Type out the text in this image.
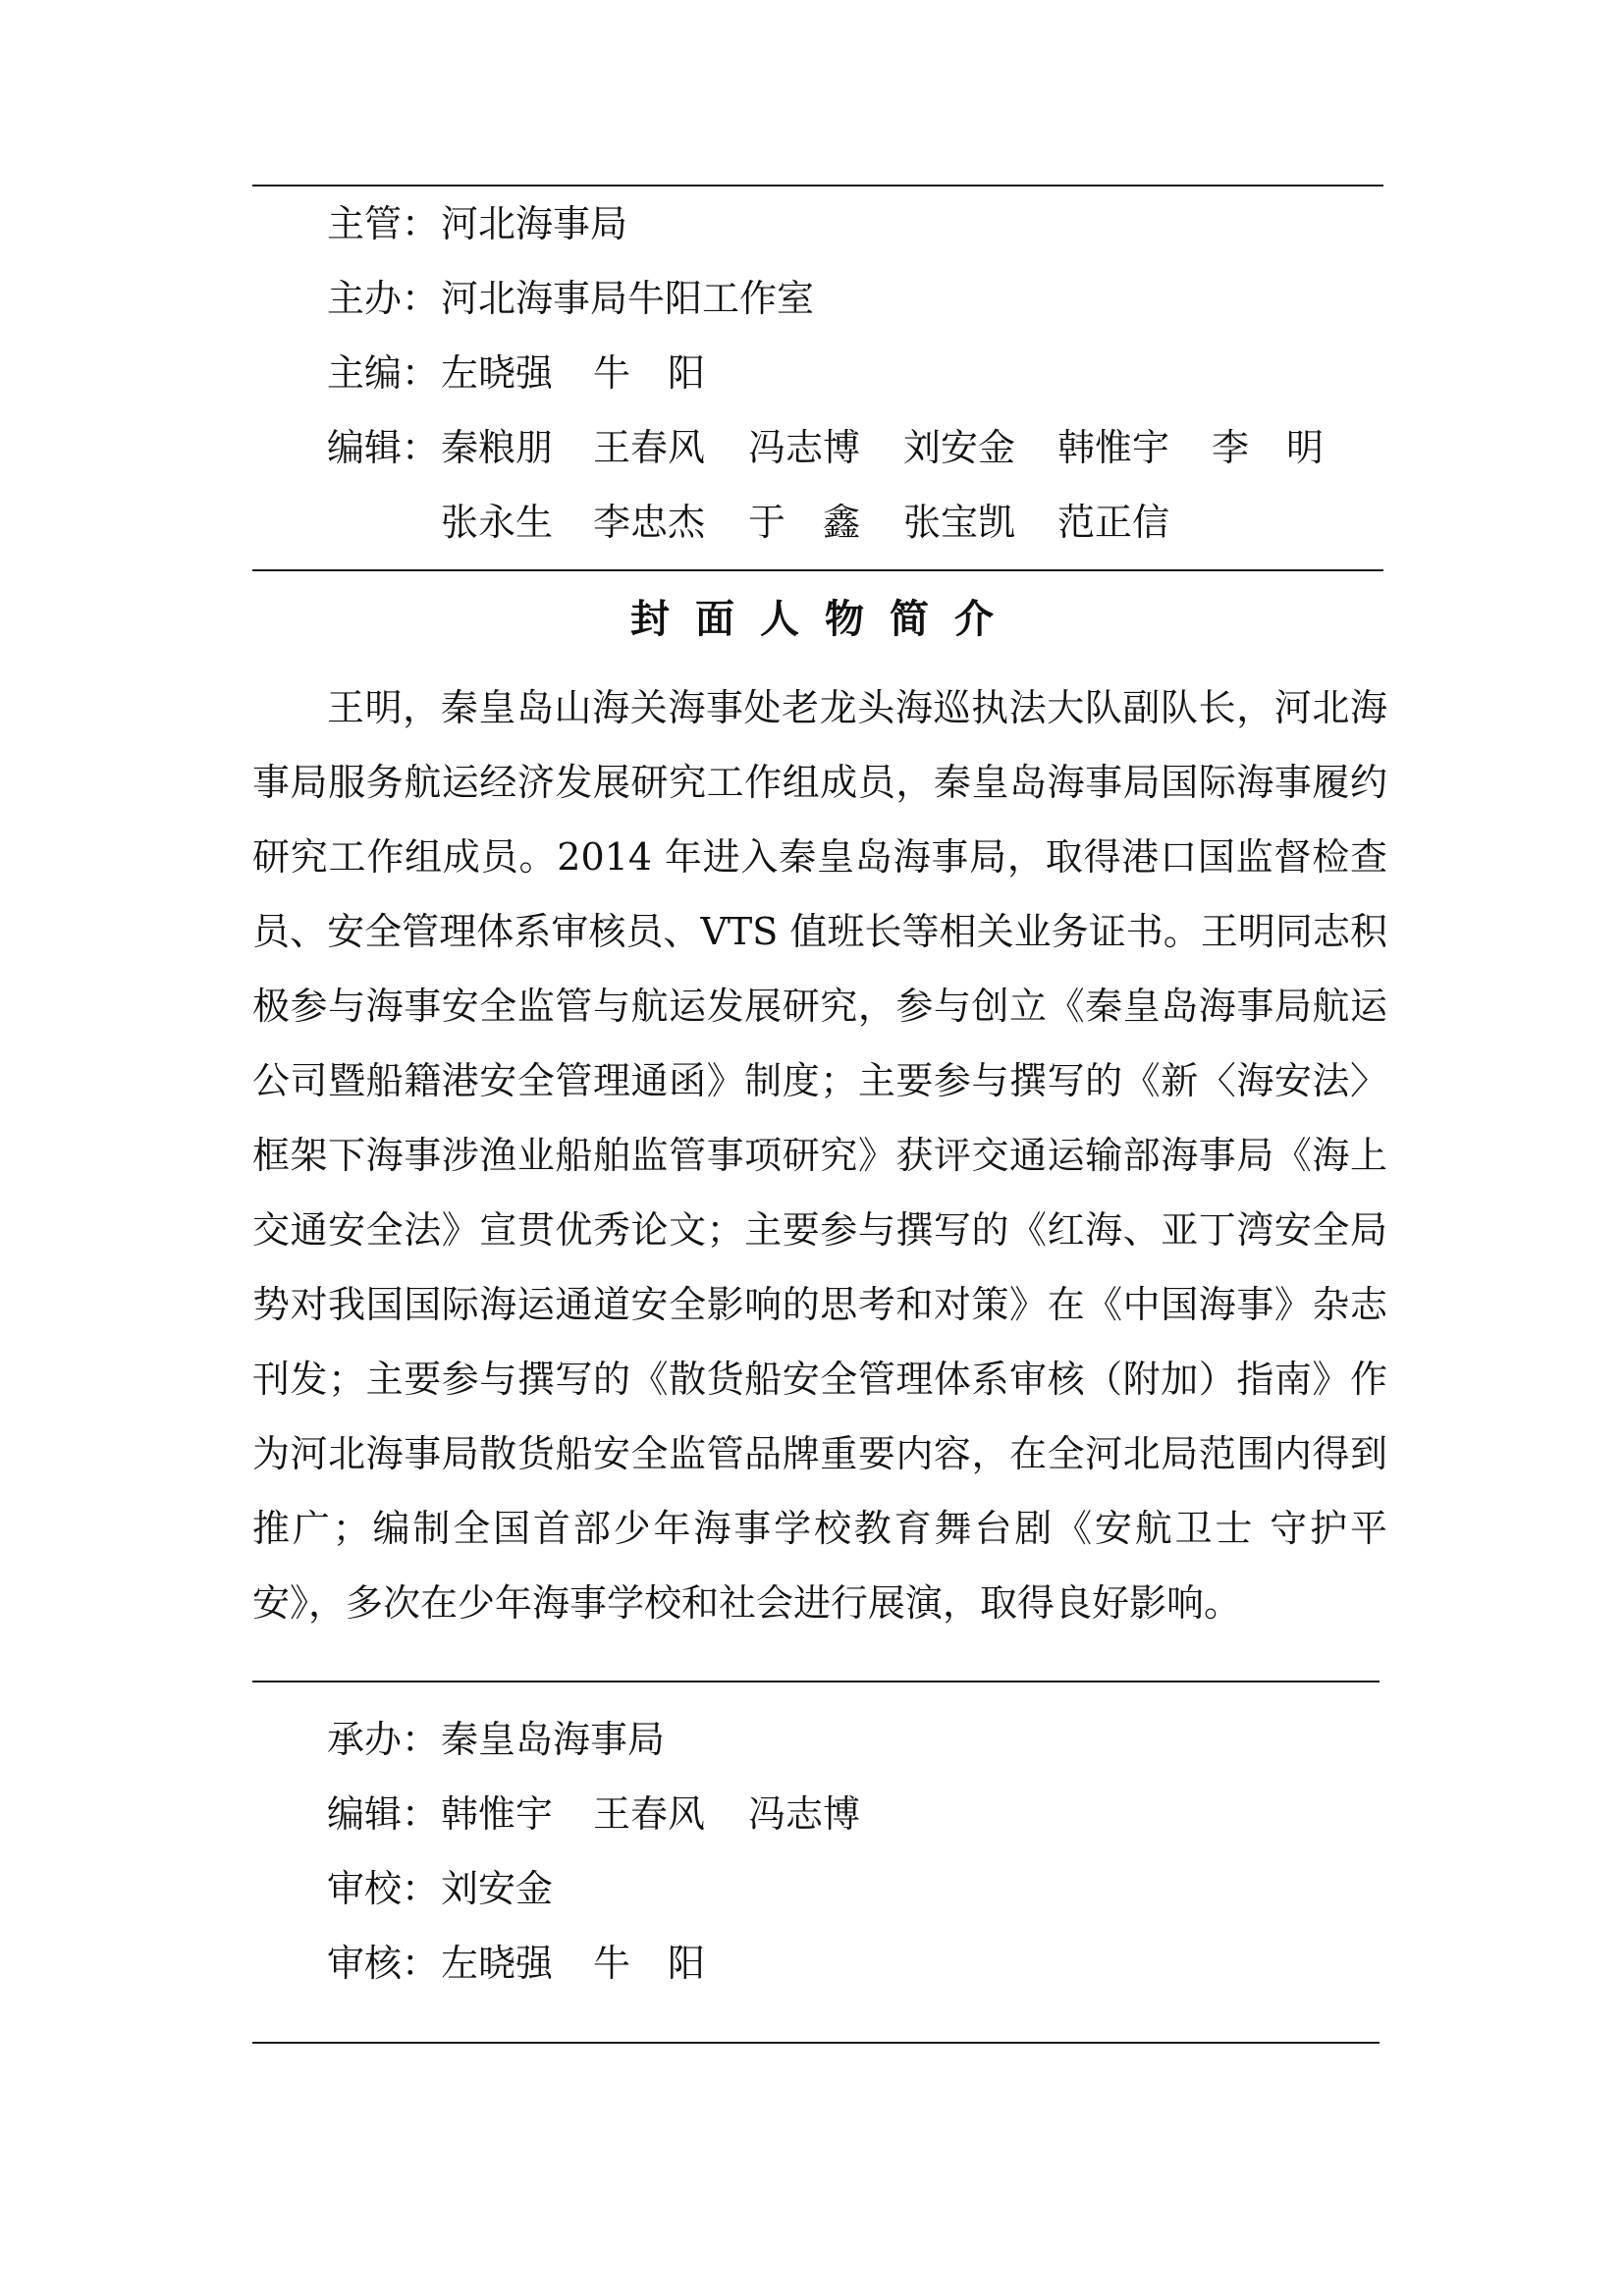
主管： 河北海事局
主办： 河北海事局牛阳工作室
主编： 左晓强 牛　阳
编辑： 秦粮朋 王春风 冯志博 刘安金 韩惟宇 李　明
张永生 李忠杰 于　鑫 张宝凯 范正信
封面人物简介

王明，秦皇岛山海关海事处老龙头海巡执法大队副队长，河北海事局服务航运经济发展研究工作组成员，秦皇岛海事局国际海事履约研究工作组成员。2014 年进入秦皇岛海事局，取得港口国监督检查员、安全管理体系审核员、VTS 值班长等相关业务证书。王明同志积极参与海事安全监管与航运发展研究，参与创立《秦皇岛海事局航运公司暨船籍港安全管理通函》制度；主要参与撰写的《新〈海安法〉框架下海事涉渔业船舶监管事项研究》获评交通运输部海事局《海上交通安全法》宣贯优秀论文；主要参与撰写的《红海、亚丁湾安全局势对我国国际海运通道安全影响的思考和对策》在《中国海事》杂志刊发；主要参与撰写的《散货船安全管理体系审核（附加）指南》作为河北海事局散货船安全监管品牌重要内容，在全河北局范围内得到推广；编制全国首部少年海事学校教育舞台剧《安航卫士 守护平安》，多次在少年海事学校和社会进行展演，取得良好影响。

承办： 秦皇岛海事局
编辑： 韩惟宇 王春风 冯志博
审校： 刘安金
审核： 左晓强 牛　阳
